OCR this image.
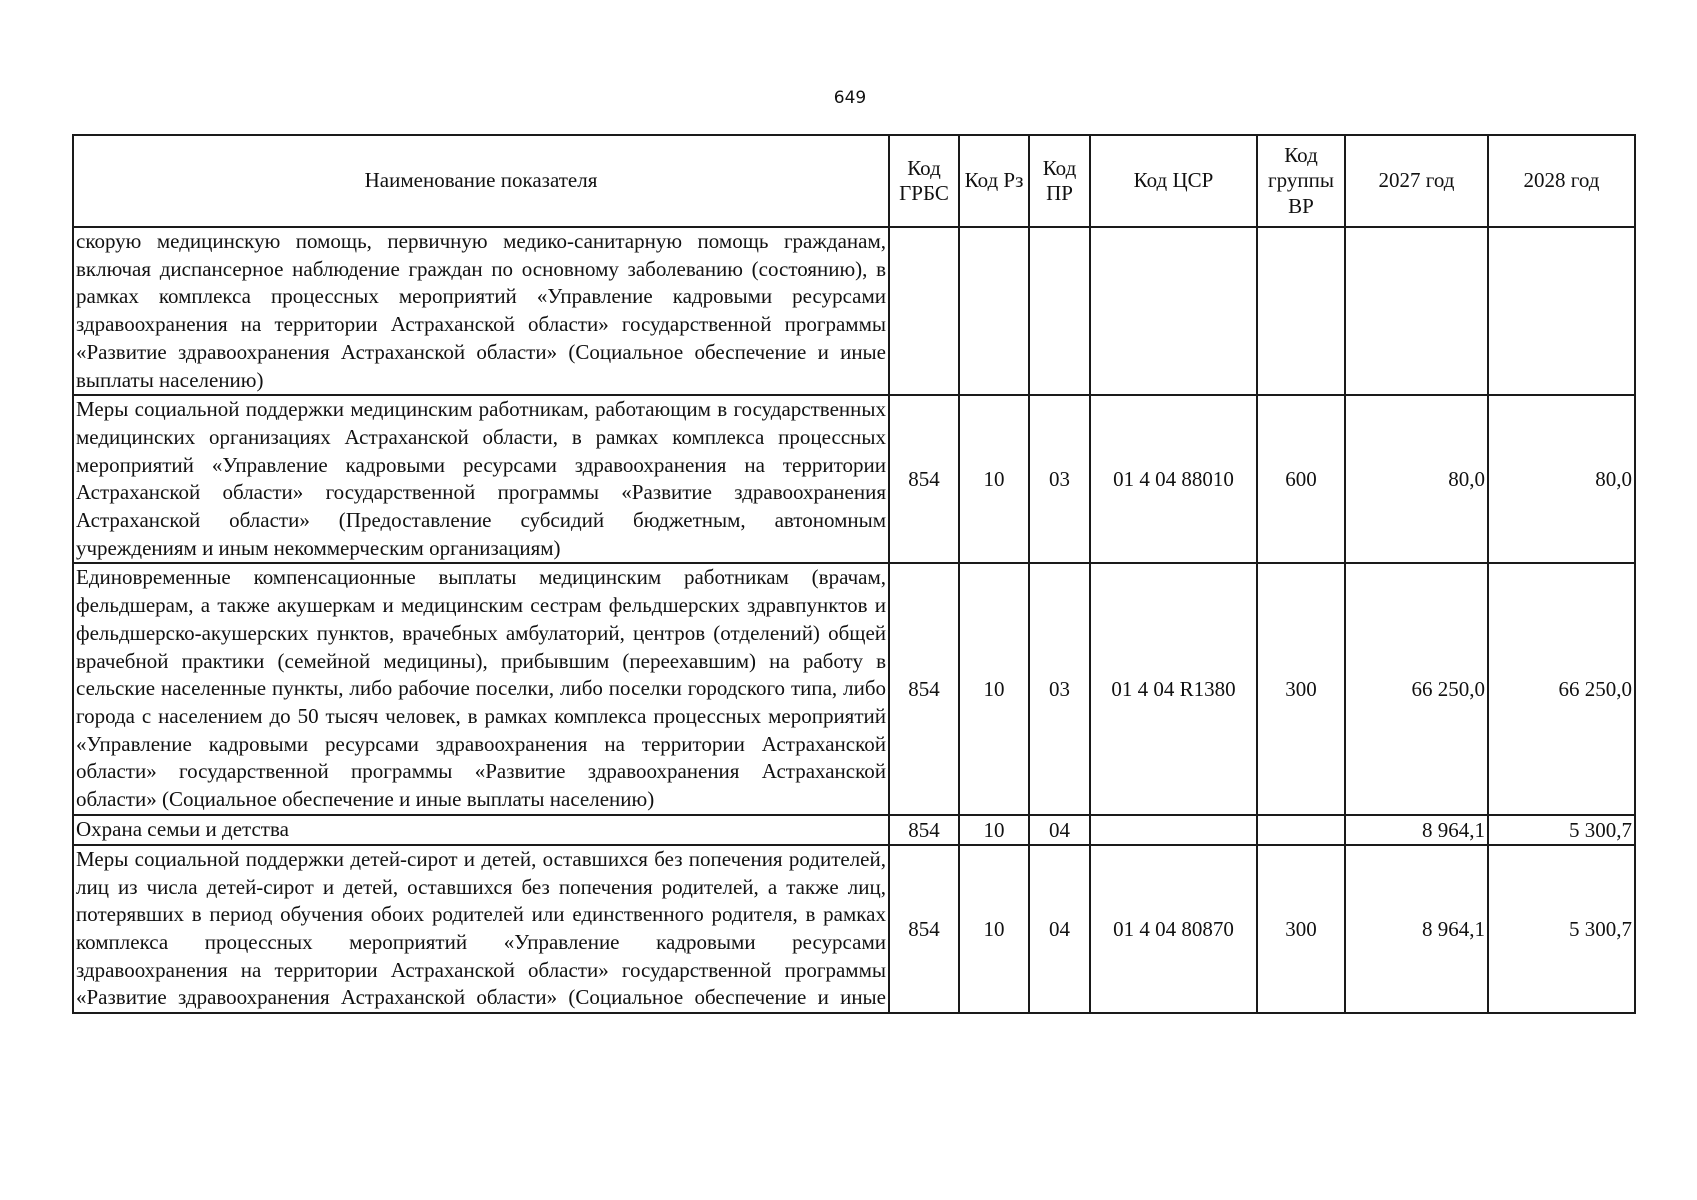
649
Наименование показателя	Код ГРБС	Код Рз	Код ПР	Код ЦСР	Код группы ВР	2027 год	2028 год
скорую медицинскую помощь, первичную медико-санитарную помощь гражданам, включая диспансерное наблюдение граждан по основному заболеванию (состоянию), в рамках комплекса процессных мероприятий «Управление кадровыми ресурсами здравоохранения на территории Астраханской области» государственной программы «Развитие здравоохранения Астраханской области» (Социальное обеспечение и иные выплаты населению)							
Меры социальной поддержки медицинским работникам, работающим в государственных медицинских организациях Астраханской области, в рамках комплекса процессных мероприятий «Управление кадровыми ресурсами здравоохранения на территории Астраханской области» государственной программы «Развитие здравоохранения Астраханской области» (Предоставление субсидий бюджетным, автономным учреждениям и иным некоммерческим организациям)	854	10	03	01 4 04 88010	600	80,0	80,0
Единовременные компенсационные выплаты медицинским работникам (врачам, фельдшерам, а также акушеркам и медицинским сестрам фельдшерских здравпунктов и фельдшерско-акушерских пунктов, врачебных амбулаторий, центров (отделений) общей врачебной практики (семейной медицины), прибывшим (переехавшим) на работу в сельские населенные пункты, либо рабочие поселки, либо поселки городского типа, либо города с населением до 50 тысяч человек, в рамках комплекса процессных мероприятий «Управление кадровыми ресурсами здравоохранения на территории Астраханской области» государственной программы «Развитие здравоохранения Астраханской области» (Социальное обеспечение и иные выплаты населению)	854	10	03	01 4 04 R1380	300	66 250,0	66 250,0
Охрана семьи и детства	854	10	04			8 964,1	5 300,7
Меры социальной поддержки детей-сирот и детей, оставшихся без попечения родителей, лиц из числа детей-сирот и детей, оставшихся без попечения родителей, а также лиц, потерявших в период обучения обоих родителей или единственного родителя, в рамках комплекса процессных мероприятий «Управление кадровыми ресурсами здравоохранения на территории Астраханской области» государственной программы «Развитие здравоохранения Астраханской области» (Социальное обеспечение и иные	854	10	04	01 4 04 80870	300	8 964,1	5 300,7
